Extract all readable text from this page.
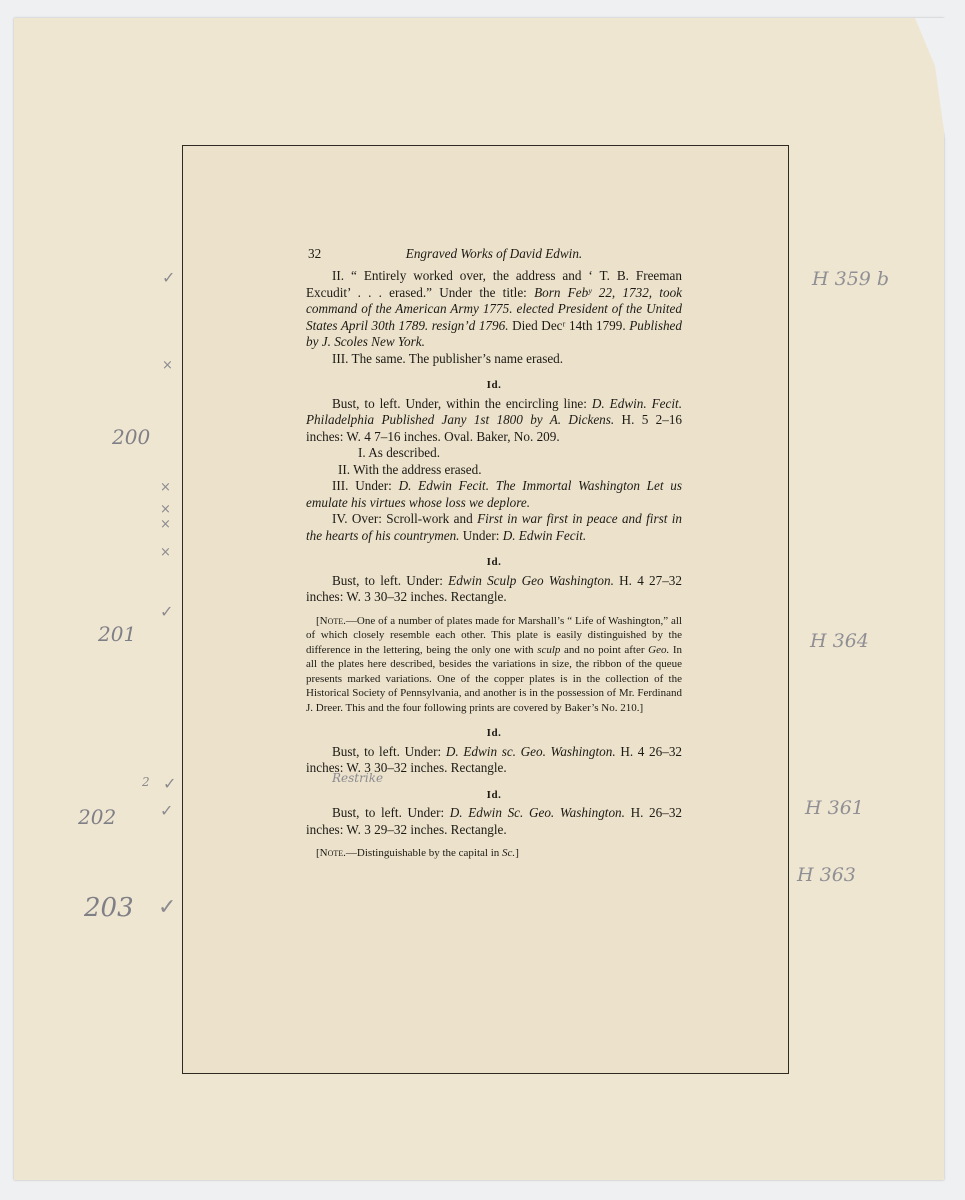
32	Engraved Works of David Edwin.

II. “ Entirely worked over, the address and ‘ T. B. Freeman Excudit’ . . . erased.” Under the title: Born Febʸ 22, 1732, took command of the American Army 1775. elected President of the United States April 30th 1789. resign’d 1796. Died Decʳ 14th 1799. Published by J. Scoles New York.

III. The same. The publisher’s name erased.

Id.

Bust, to left. Under, within the encircling line: D. Edwin. Fecit. Philadelphia Published Jany 1st 1800 by A. Dickens. H. 5 2–16 inches: W. 4 7–16 inches. Oval. Baker, No. 209.

I. As described.

II. With the address erased.

III. Under: D. Edwin Fecit. The Immortal Washington Let us emulate his virtues whose loss we deplore.

IV. Over: Scroll-work and First in war first in peace and first in the hearts of his countrymen. Under: D. Edwin Fecit.

Id.

Bust, to left. Under: Edwin Sculp Geo Washington. H. 4 27–32 inches: W. 3 30–32 inches. Rectangle.

[Note.—One of a number of plates made for Marshall’s “ Life of Washington,” all of which closely resemble each other. This plate is easily distinguished by the difference in the lettering, being the only one with sculp and no point after Geo. In all the plates here described, besides the variations in size, the ribbon of the queue presents marked variations. One of the copper plates is in the collection of the Historical Society of Pennsylvania, and another is in the possession of Mr. Ferdinand J. Dreer. This and the four following prints are covered by Baker’s No. 210.]

Id.

Bust, to left. Under: D. Edwin sc. Geo. Washington. H. 4 26–32 inches: W. 3 30–32 inches. Rectangle.

Id.

Bust, to left. Under: D. Edwin Sc. Geo. Washington. H. 26–32 inches: W. 3 29–32 inches. Rectangle.

[Note.—Distinguishable by the capital in Sc.]

H 359 b
H 364
H 361
H 363
200
201
202
203
2	Restrike
✓
✓
✓
✓
✓
×
×
×
×
×
